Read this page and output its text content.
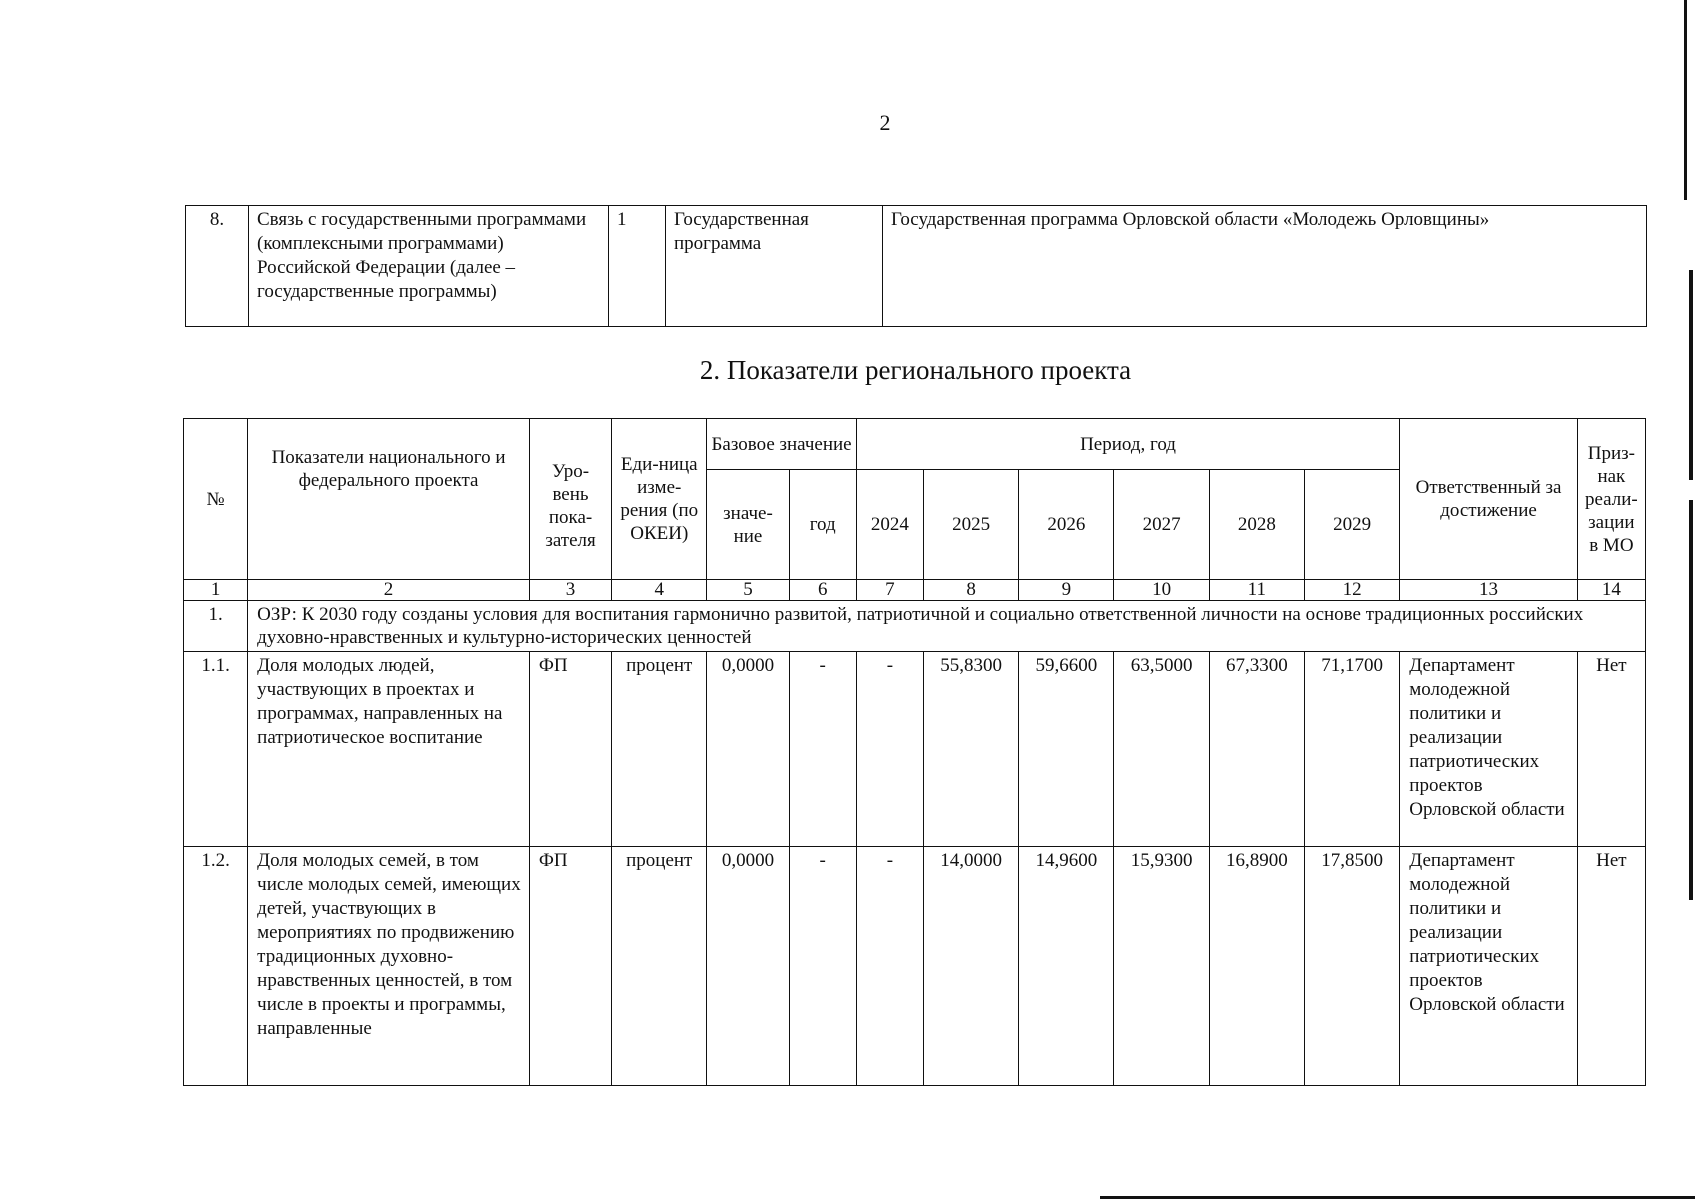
2
8.	Связь с государственными программами (комплексными программами) Российской Федерации (далее – государственные программы)	1	Государственная программа	Государственная программа Орловской области «Молодежь Орловщины»
2. Показатели регионального проекта
№	Показатели национального и федерального проекта	Уро-вень пока-зателя	Еди-ница изме-рения (по ОКЕИ)	Базовое значение		Период, год						Ответственный за достижение	Приз-нак реали-зации в МО
				значе-ние	год	2024	2025	2026	2027	2028	2029		
1	2	3	4	5	6	7	8	9	10	11	12	13	14
1.	ОЗР: К 2030 году созданы условия для воспитания гармонично развитой, патриотичной и социально ответственной личности на основе традиционных российских духовно-нравственных и культурно-исторических ценностей												
1.1.	Доля молодых людей, участвующих в проектах и программах, направленных на патриотическое воспитание	ФП	процент	0,0000	-	-	55,8300	59,6600	63,5000	67,3300	71,1700	Департамент молодежной политики и реализации патриотических проектов Орловской области	Нет
1.2.	Доля молодых семей, в том числе молодых семей, имеющих детей, участвующих в мероприятиях по продвижению традиционных духовно-нравственных ценностей, в том числе в проекты и программы, направленные	ФП	процент	0,0000	-	-	14,0000	14,9600	15,9300	16,8900	17,8500	Департамент молодежной политики и реализации патриотических проектов Орловской области	Нет
